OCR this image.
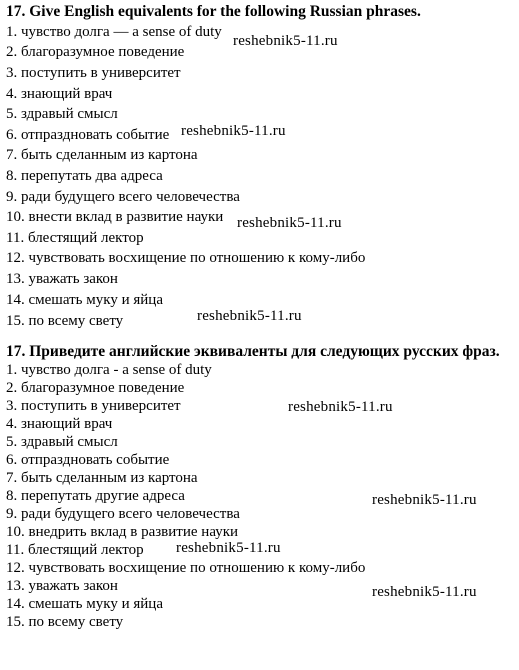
17. Give English equivalents for the following Russian phrases.
1. чувство долга — a sense of duty
2. благоразумное поведение
3. поступить в университет
4. знающий врач
5. здравый смысл
6. отпраздновать событие
7. быть сделанным из картона
8. перепутать два адреса
9. ради будущего всего человечества
10. внести вклад в развитие науки
11. блестящий лектор
12. чувствовать восхищение по отношению к кому-либо
13. уважать закон
14. смешать муку и яйца
15. по всему свету
17. Приведите английские эквиваленты для следующих русских фраз.
1. чувство долга - a sense of duty
2. благоразумное поведение
3. поступить в университет
4. знающий врач
5. здравый смысл
6. отпраздновать событие
7. быть сделанным из картона
8. перепутать другие адреса
9. ради будущего всего человечества
10. внедрить вклад в развитие науки
11. блестящий лектор
12. чувствовать восхищение по отношению к кому-либо
13. уважать закон
14. смешать муку и яйца
15. по всему свету
reshebnik5-11.ru
reshebnik5-11.ru
reshebnik5-11.ru
reshebnik5-11.ru
reshebnik5-11.ru
reshebnik5-11.ru
reshebnik5-11.ru
reshebnik5-11.ru
